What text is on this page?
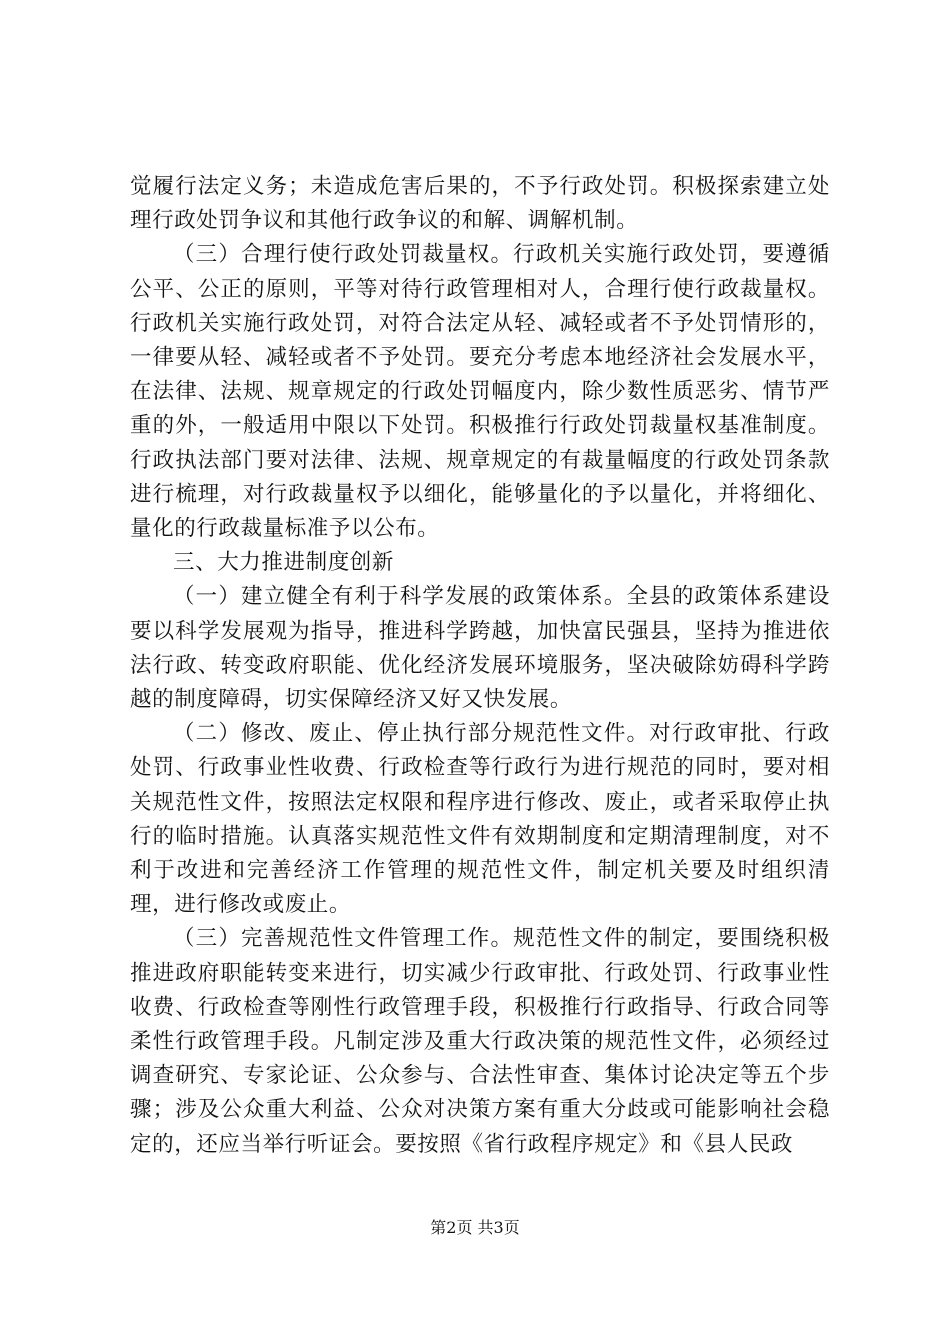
觉履行法定义务；未造成危害后果的，不予行政处罚。积极探索建立处理行政处罚争议和其他行政争议的和解、调解机制。

（三）合理行使行政处罚裁量权。行政机关实施行政处罚，要遵循公平、公正的原则，平等对待行政管理相对人，合理行使行政裁量权。行政机关实施行政处罚，对符合法定从轻、减轻或者不予处罚情形的，一律要从轻、减轻或者不予处罚。要充分考虑本地经济社会发展水平，在法律、法规、规章规定的行政处罚幅度内，除少数性质恶劣、情节严重的外，一般适用中限以下处罚。积极推行行政处罚裁量权基准制度。行政执法部门要对法律、法规、规章规定的有裁量幅度的行政处罚条款进行梳理，对行政裁量权予以细化，能够量化的予以量化，并将细化、量化的行政裁量标准予以公布。

三、大力推进制度创新

（一）建立健全有利于科学发展的政策体系。全县的政策体系建设要以科学发展观为指导，推进科学跨越，加快富民强县，坚持为推进依法行政、转变政府职能、优化经济发展环境服务，坚决破除妨碍科学跨越的制度障碍，切实保障经济又好又快发展。

（二）修改、废止、停止执行部分规范性文件。对行政审批、行政处罚、行政事业性收费、行政检查等行政行为进行规范的同时，要对相关规范性文件，按照法定权限和程序进行修改、废止，或者采取停止执行的临时措施。认真落实规范性文件有效期制度和定期清理制度，对不利于改进和完善经济工作管理的规范性文件，制定机关要及时组织清理，进行修改或废止。

（三）完善规范性文件管理工作。规范性文件的制定，要围绕积极推进政府职能转变来进行，切实减少行政审批、行政处罚、行政事业性收费、行政检查等刚性行政管理手段，积极推行行政指导、行政合同等柔性行政管理手段。凡制定涉及重大行政决策的规范性文件，必须经过调查研究、专家论证、公众参与、合法性审查、集体讨论决定等五个步骤；涉及公众重大利益、公众对决策方案有重大分歧或可能影响社会稳定的，还应当举行听证会。要按照《省行政程序规定》和《县人民政

第2页 共3页
